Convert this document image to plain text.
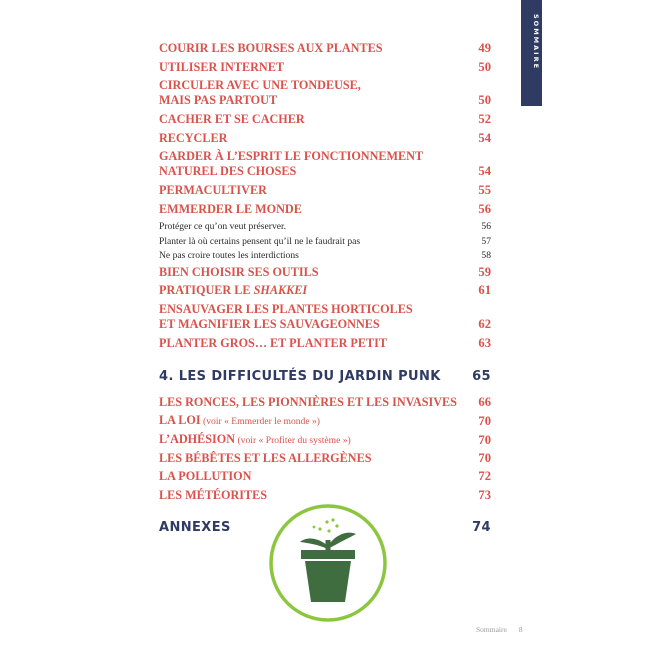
SOMMAIRE
COURIR LES BOURSES AUX PLANTES	49
UTILISER INTERNET	50
CIRCULER AVEC UNE TONDEUSE,
MAIS PAS PARTOUT	50
CACHER ET SE CACHER	52
RECYCLER	54
GARDER À L’ESPRIT LE FONCTIONNEMENT
NATUREL DES CHOSES	54
PERMACULTIVER	55
EMMERDER LE MONDE	56
Protéger ce qu’on veut préserver.	56
Planter là où certains pensent qu’il ne le faudrait pas	57
Ne pas croire toutes les interdictions	58
BIEN CHOISIR SES OUTILS	59
PRATIQUER LE SHAKKEI	61
ENSAUVAGER LES PLANTES HORTICOLES
ET MAGNIFIER LES SAUVAGEONNES	62
PLANTER GROS… ET PLANTER PETIT	63
4. LES DIFFICULTÉS DU JARDIN PUNK	65
LES RONCES, LES PIONNIÈRES ET LES INVASIVES	66
LA LOI (voir « Emmerder le monde »)	70
L’ADHÉSION (voir « Profiter du système »)	70
LES BÉBÊTES ET LES ALLERGÈNES	70
LA POLLUTION	72
LES MÉTÉORITES	73
ANNEXES	74
Sommaire 8
